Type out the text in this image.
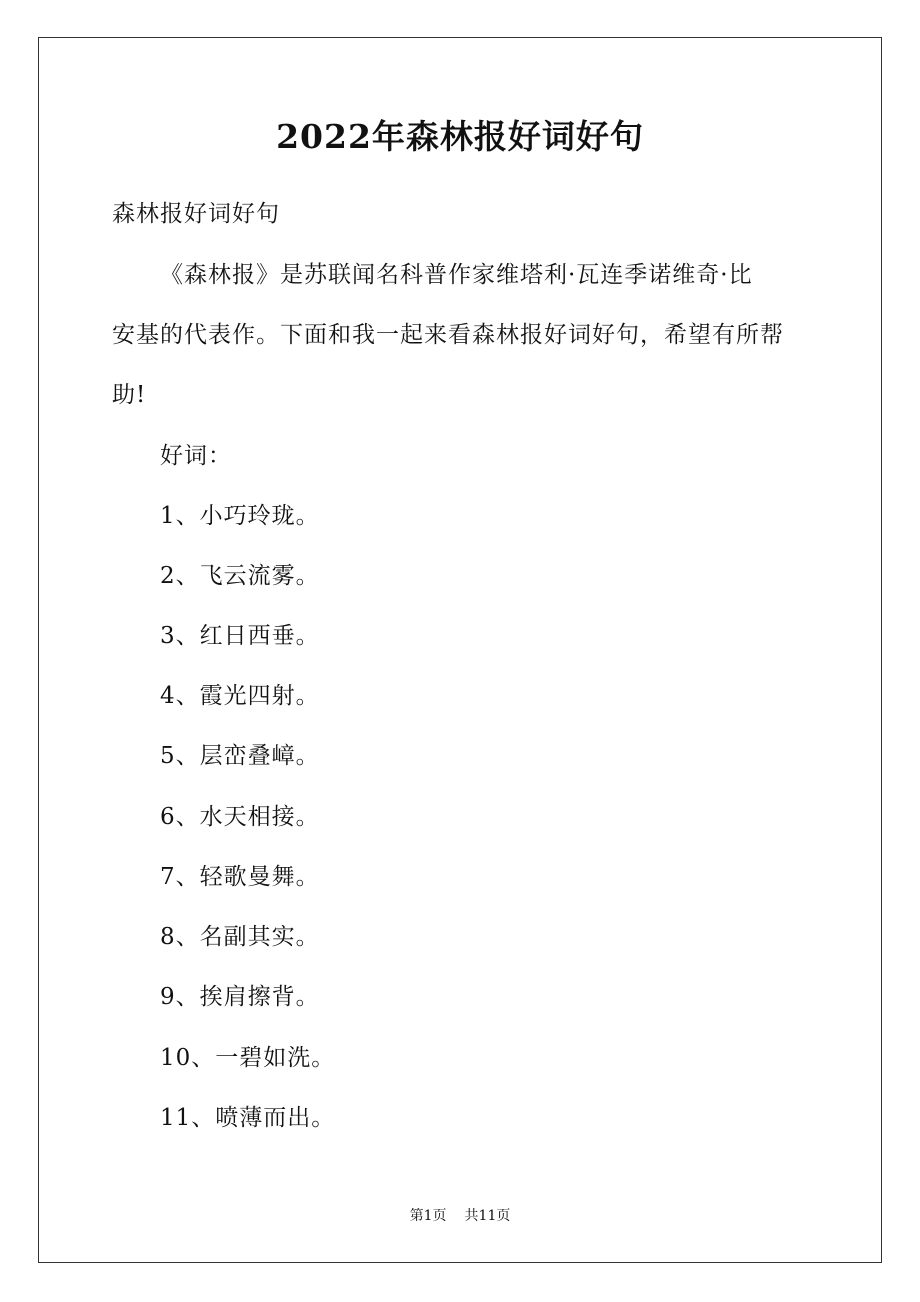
2022年森林报好词好句
森林报好词好句
《森林报》是苏联闻名科普作家维塔利·瓦连季诺维奇·比
安基的代表作。下面和我一起来看森林报好词好句，希望有所帮
助!
好词：
1、小巧玲珑。
2、飞云流雾。
3、红日西垂。
4、霞光四射。
5、层峦叠嶂。
6、水天相接。
7、轻歌曼舞。
8、名副其实。
9、挨肩擦背。
10、一碧如洗。
11、喷薄而出。
第1页 共11页
